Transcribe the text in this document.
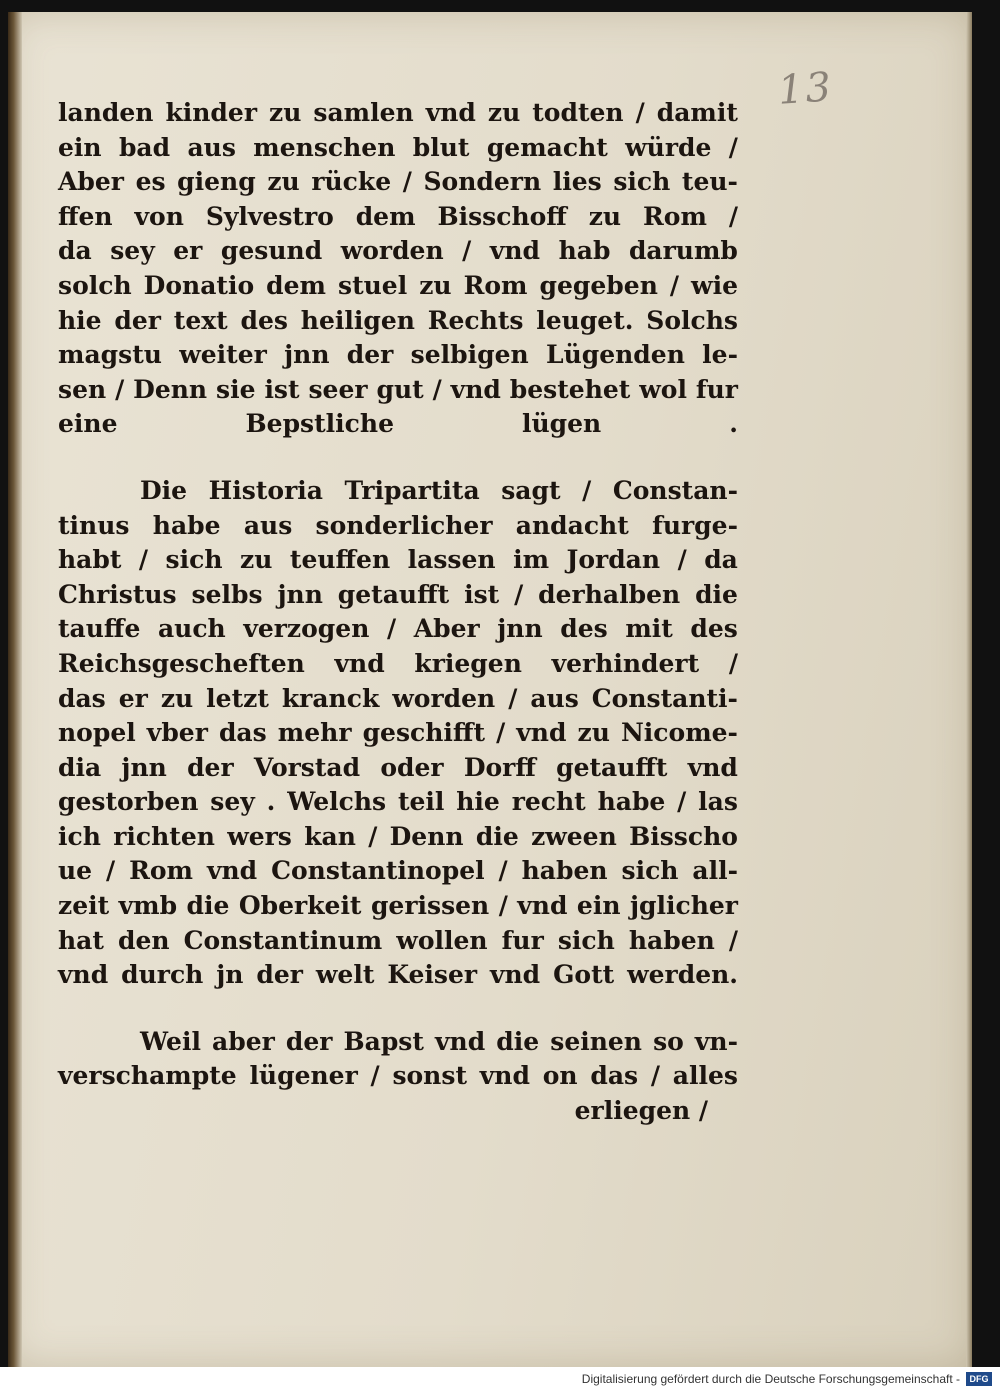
13
landen kinder zu samlen vnd zu todten / damit
ein bad aus menschen blut gemacht würde /
Aber es gieng zu rücke / Sondern lies sich teu-
ffen von Sylvestro dem Bisschoff zu Rom /
da sey er gesund worden / vnd hab darumb
solch Donatio dem stuel zu Rom gegeben / wie
hie der text des heiligen Rechts leuget. Solchs
magstu weiter jnn der selbigen Lügenden le-
sen / Denn sie ist seer gut / vnd bestehet wol fur
eine	Bepstliche	lügen	.
Die Historia Tripartita sagt / Constan-
tinus habe aus sonderlicher andacht furge-
habt / sich zu teuffen lassen im Jordan / da
Christus selbs jnn getaufft ist / derhalben die
tauffe auch verzogen / Aber jnn des mit des
Reichsgescheften vnd kriegen verhindert /
das er zu letzt kranck worden / aus Constanti-
nopel vber das mehr geschifft / vnd zu Nicome-
dia jnn der Vorstad oder Dorff getaufft vnd
gestorben sey . Welchs teil hie recht habe / las
ich richten wers kan / Denn die zween Bisscho
ue / Rom vnd Constantinopel / haben sich all-
zeit vmb die Oberkeit gerissen / vnd ein jglicher
hat den Constantinum wollen fur sich haben /
vnd durch jn der welt Keiser vnd Gott werden.
Weil aber der Bapst vnd die seinen so vn-
verschampte lügener / sonst vnd on das / alles
erliegen /
Digitalisierung gefördert durch die Deutsche Forschungsgemeinschaft -	DFG
